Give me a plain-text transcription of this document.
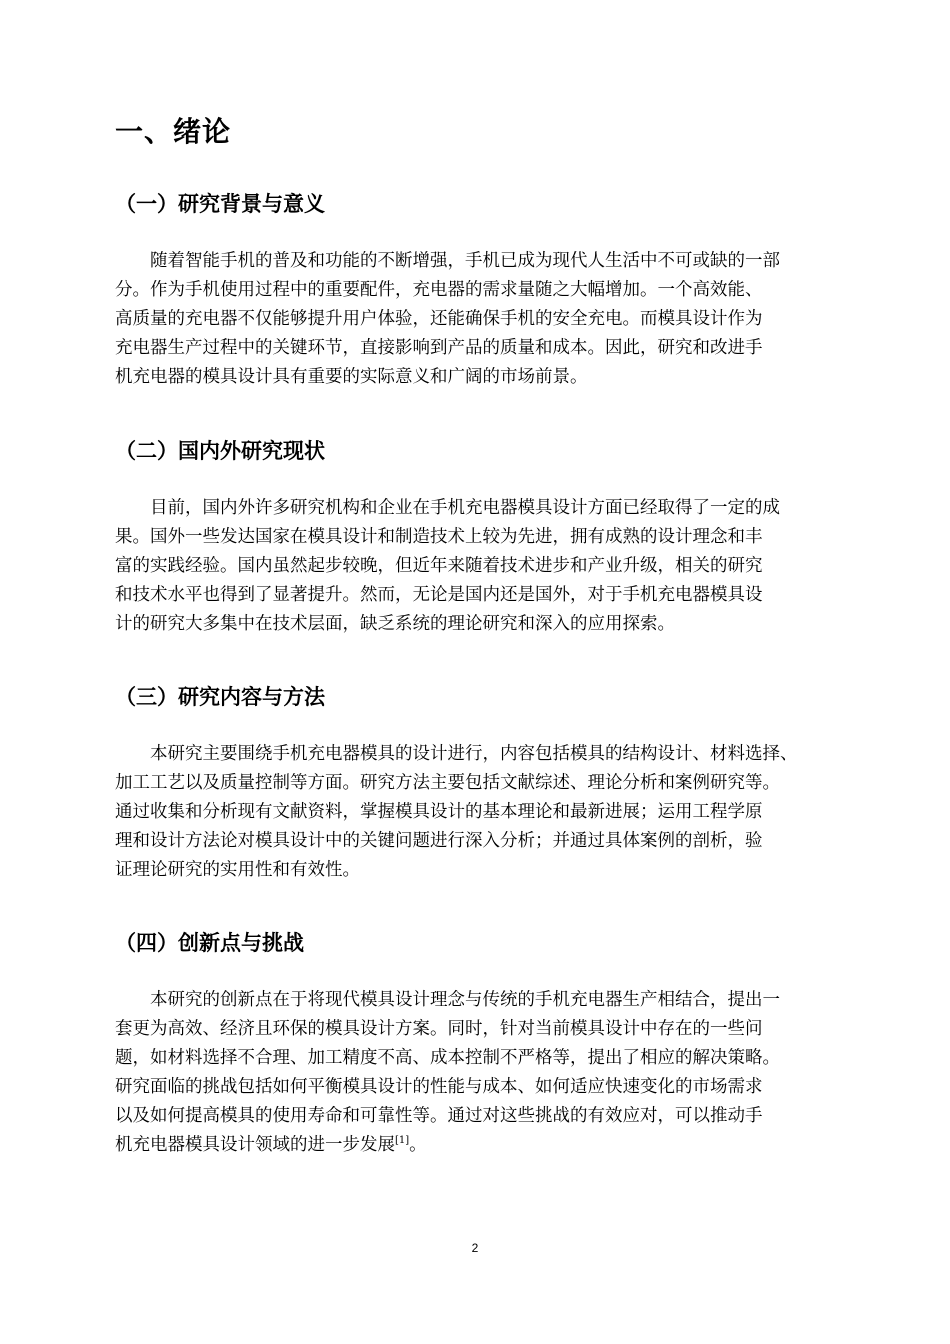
一、绪论
（一）研究背景与意义
随着智能手机的普及和功能的不断增强，手机已成为现代人生活中不可或缺的一部
分。作为手机使用过程中的重要配件，充电器的需求量随之大幅增加。一个高效能、
高质量的充电器不仅能够提升用户体验，还能确保手机的安全充电。而模具设计作为
充电器生产过程中的关键环节，直接影响到产品的质量和成本。因此，研究和改进手
机充电器的模具设计具有重要的实际意义和广阔的市场前景。
（二）国内外研究现状
目前，国内外许多研究机构和企业在手机充电器模具设计方面已经取得了一定的成
果。国外一些发达国家在模具设计和制造技术上较为先进，拥有成熟的设计理念和丰
富的实践经验。国内虽然起步较晚，但近年来随着技术进步和产业升级，相关的研究
和技术水平也得到了显著提升。然而，无论是国内还是国外，对于手机充电器模具设
计的研究大多集中在技术层面，缺乏系统的理论研究和深入的应用探索。
（三）研究内容与方法
本研究主要围绕手机充电器模具的设计进行，内容包括模具的结构设计、材料选择、
加工工艺以及质量控制等方面。研究方法主要包括文献综述、理论分析和案例研究等。
通过收集和分析现有文献资料，掌握模具设计的基本理论和最新进展；运用工程学原
理和设计方法论对模具设计中的关键问题进行深入分析；并通过具体案例的剖析，验
证理论研究的实用性和有效性。
（四）创新点与挑战
本研究的创新点在于将现代模具设计理念与传统的手机充电器生产相结合，提出一
套更为高效、经济且环保的模具设计方案。同时，针对当前模具设计中存在的一些问
题，如材料选择不合理、加工精度不高、成本控制不严格等，提出了相应的解决策略。
研究面临的挑战包括如何平衡模具设计的性能与成本、如何适应快速变化的市场需求
以及如何提高模具的使用寿命和可靠性等。通过对这些挑战的有效应对，可以推动手
机充电器模具设计领域的进一步发展[1]。
2
